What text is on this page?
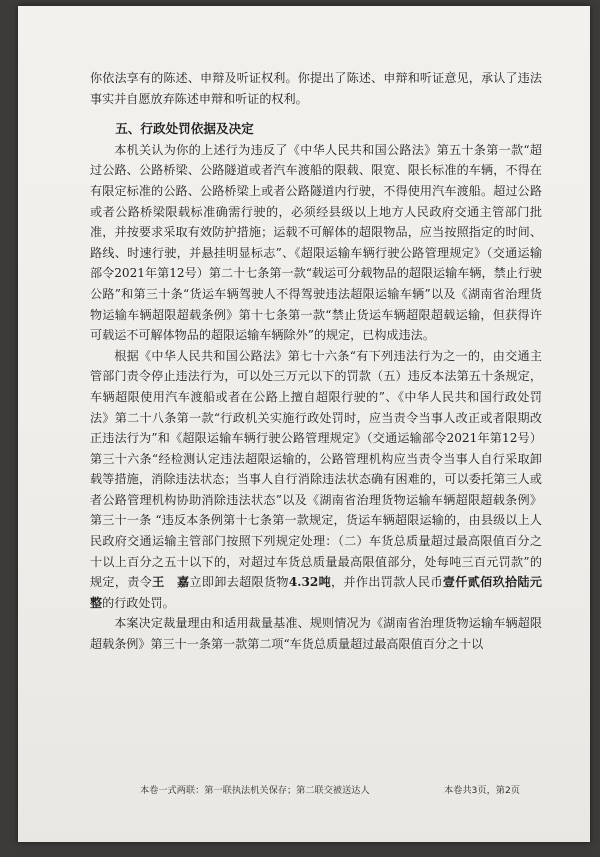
你依法享有的陈述、申辩及听证权利。你提出了陈述、申辩和听证意见，承认了违法事实并自愿放弃陈述申辩和听证的权利。

五、行政处罚依据及决定

本机关认为你的上述行为违反了《中华人民共和国公路法》第五十条第一款“超过公路、公路桥梁、公路隧道或者汽车渡船的限载、限宽、限长标准的车辆，不得在有限定标准的公路、公路桥梁上或者公路隧道内行驶，不得使用汽车渡船。超过公路或者公路桥梁限载标准确需行驶的，必须经县级以上地方人民政府交通主管部门批准，并按要求采取有效防护措施；运载不可解体的超限物品，应当按照指定的时间、路线、时速行驶，并悬挂明显标志”、《超限运输车辆行驶公路管理规定》（交通运输部令2021年第12号）第二十七条第一款“载运可分载物品的超限运输车辆，禁止行驶公路”和第三十条“货运车辆驾驶人不得驾驶违法超限运输车辆”以及《湖南省治理货物运输车辆超限超载条例》第十七条第一款“禁止货运车辆超限超载运输，但获得许可载运不可解体物品的超限运输车辆除外”的规定，已构成违法。

根据《中华人民共和国公路法》第七十六条“有下列违法行为之一的，由交通主管部门责令停止违法行为，可以处三万元以下的罚款（五）违反本法第五十条规定，车辆超限使用汽车渡船或者在公路上擅自超限行驶的”、《中华人民共和国行政处罚法》第二十八条第一款“行政机关实施行政处罚时，应当责令当事人改正或者限期改正违法行为”和《超限运输车辆行驶公路管理规定》（交通运输部令2021年第12号）第三十六条“经检测认定违法超限运输的，公路管理机构应当责令当事人自行采取卸载等措施，消除违法状态；当事人自行消除违法状态确有困难的，可以委托第三人或者公路管理机构协助消除违法状态”以及《湖南省治理货物运输车辆超限超载条例》第三十一条 “违反本条例第十七条第一款规定，货运车辆超限运输的，由县级以上人民政府交通运输主管部门按照下列规定处理：（二）车货总质量超过最高限值百分之十以上百分之五十以下的，对超过车货总质量最高限值部分，处每吨三百元罚款”的规定，责令王　嘉立即卸去超限货物4.32吨，并作出罚款人民币壹仟贰佰玖拾陆元整的行政处罚。

本案决定裁量理由和适用裁量基准、规则情况为《湖南省治理货物运输车辆超限超载条例》第三十一条第一款第二项“车货总质量超过最高限值百分之十以

本卷一式两联：第一联执法机关保存；第二联交被送达人	本卷共3页，第2页
